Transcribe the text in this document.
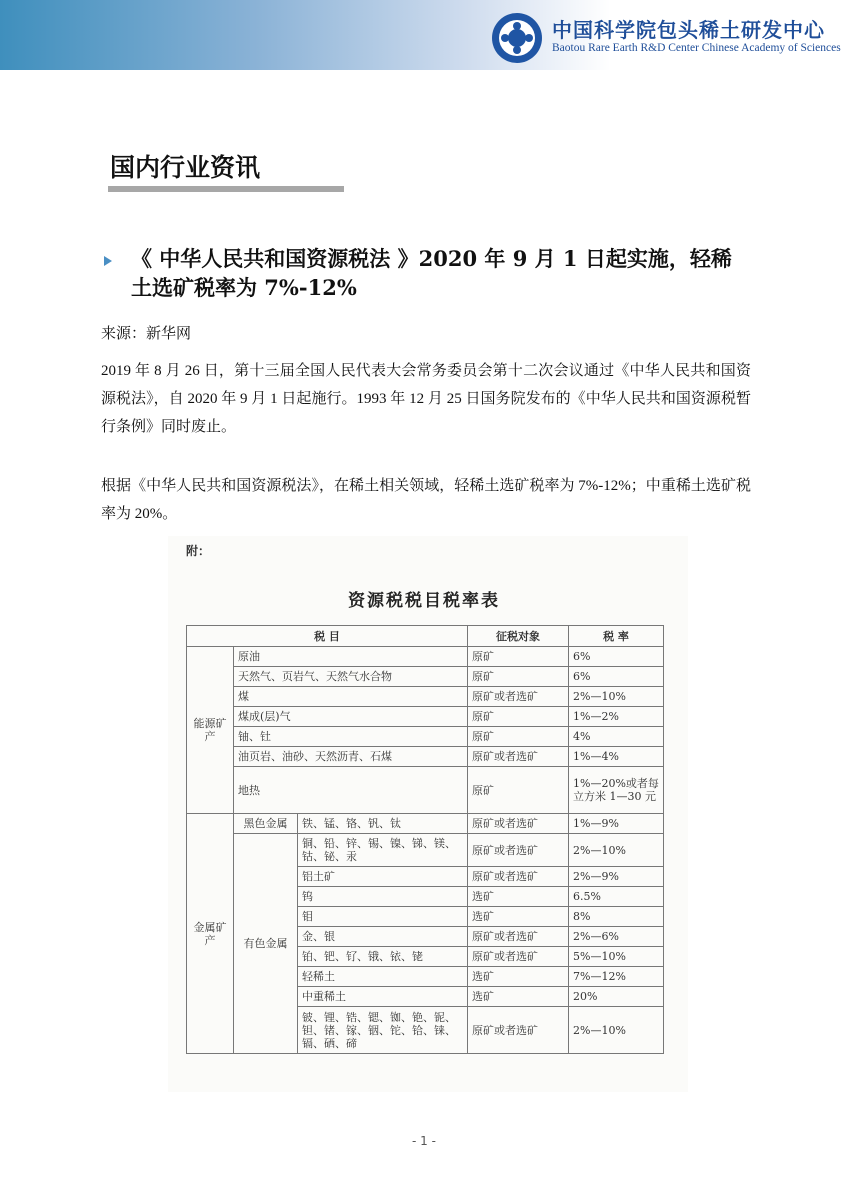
中国科学院包头稀土研发中心
Baotou Rare Earth R&D Center Chinese Academy of Sciences
国内行业资讯
《 中华人民共和国资源税法 》2020 年 9 月 1 日起实施，轻稀土选矿税率为 7%-12%
来源：新华网
2019 年 8 月 26 日，第十三届全国人民代表大会常务委员会第十二次会议通过《中华人民共和国资源税法》，自 2020 年 9 月 1 日起施行。1993 年 12 月 25 日国务院发布的《中华人民共和国资源税暂行条例》同时废止。
根据《中华人民共和国资源税法》，在稀土相关领域，轻稀土选矿税率为 7%-12%；中重稀土选矿税率为 20%。
附：
资源税税目税率表
税 目			征税对象	税 率
能源矿产	原油		原矿	6%
	天然气、页岩气、天然气水合物		原矿	6%
	煤		原矿或者选矿	2%—10%
	煤成(层)气		原矿	1%—2%
	铀、钍		原矿	4%
	油页岩、油砂、天然沥青、石煤		原矿或者选矿	1%—4%
	地热		原矿	1%—20%或者每立方米 1—30 元
金属矿产	黑色金属	铁、锰、铬、钒、钛	原矿或者选矿	1%—9%
	有色金属	铜、铅、锌、锡、镍、锑、镁、钴、铋、汞	原矿或者选矿	2%—10%
		铝土矿	原矿或者选矿	2%—9%
		钨	选矿	6.5%
		钼	选矿	8%
		金、银	原矿或者选矿	2%—6%
		铂、钯、钌、锇、铱、铑	原矿或者选矿	5%—10%
		轻稀土	选矿	7%—12%
		中重稀土	选矿	20%
		铍、锂、锆、锶、铷、铯、铌、钽、锗、镓、铟、铊、铪、铼、镉、硒、碲	原矿或者选矿	2%—10%
- 1 -
